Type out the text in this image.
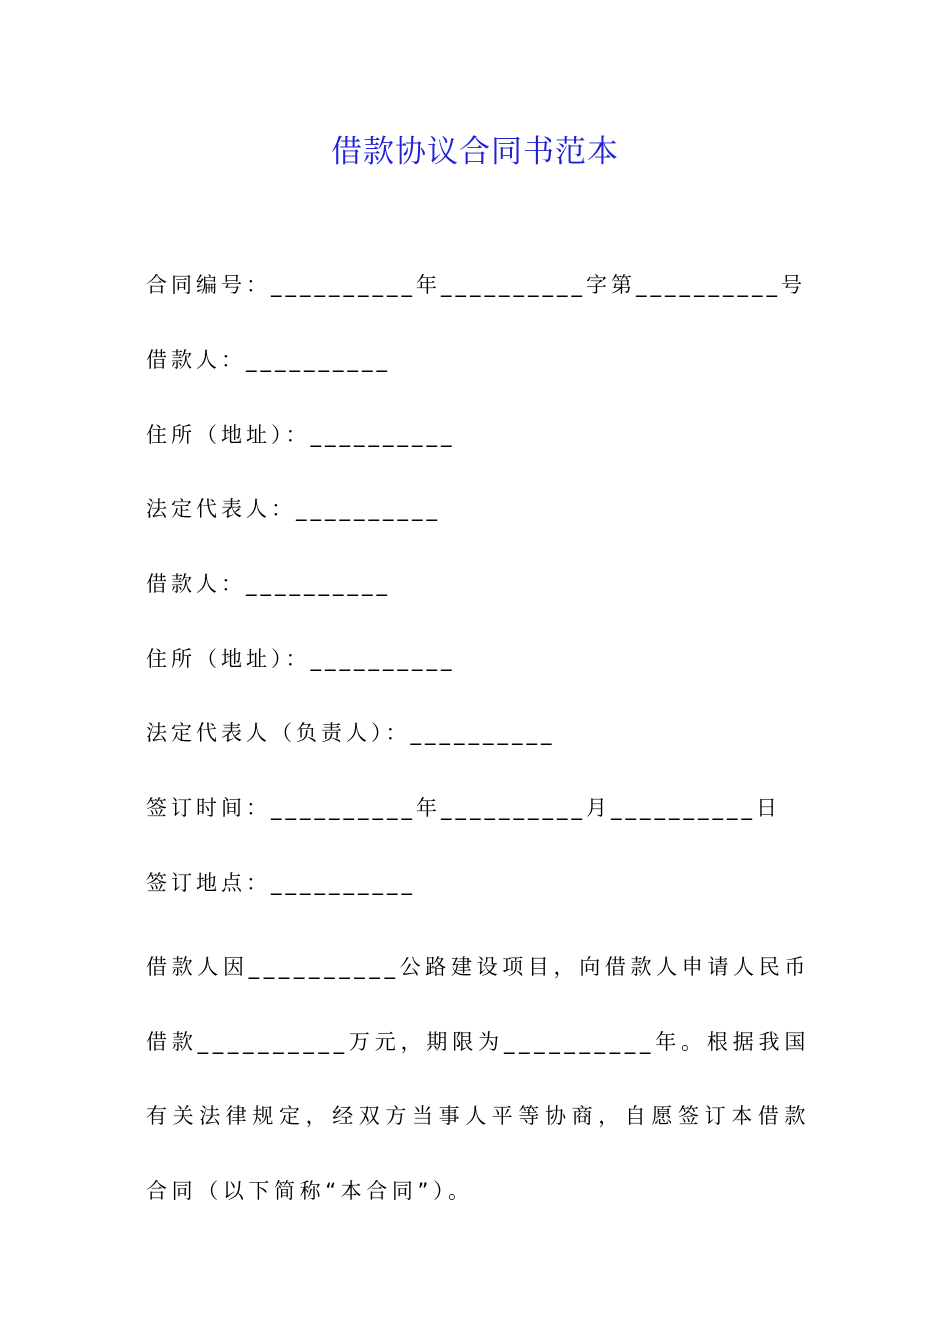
借款协议合同书范本
合同编号：__________年__________字第__________号
借款人：__________
住所（地址）：__________
法定代表人：__________
借款人：__________
住所（地址）：__________
法定代表人（负责人）：__________
签订时间：__________年__________月__________日
签订地点：__________

借款人因__________公路建设项目，向借款人申请人民币借款__________万元，期限为__________年。根据我国有关法律规定，经双方当事人平等协商，自愿签订本借款合同（以下简称“本合同”）。
